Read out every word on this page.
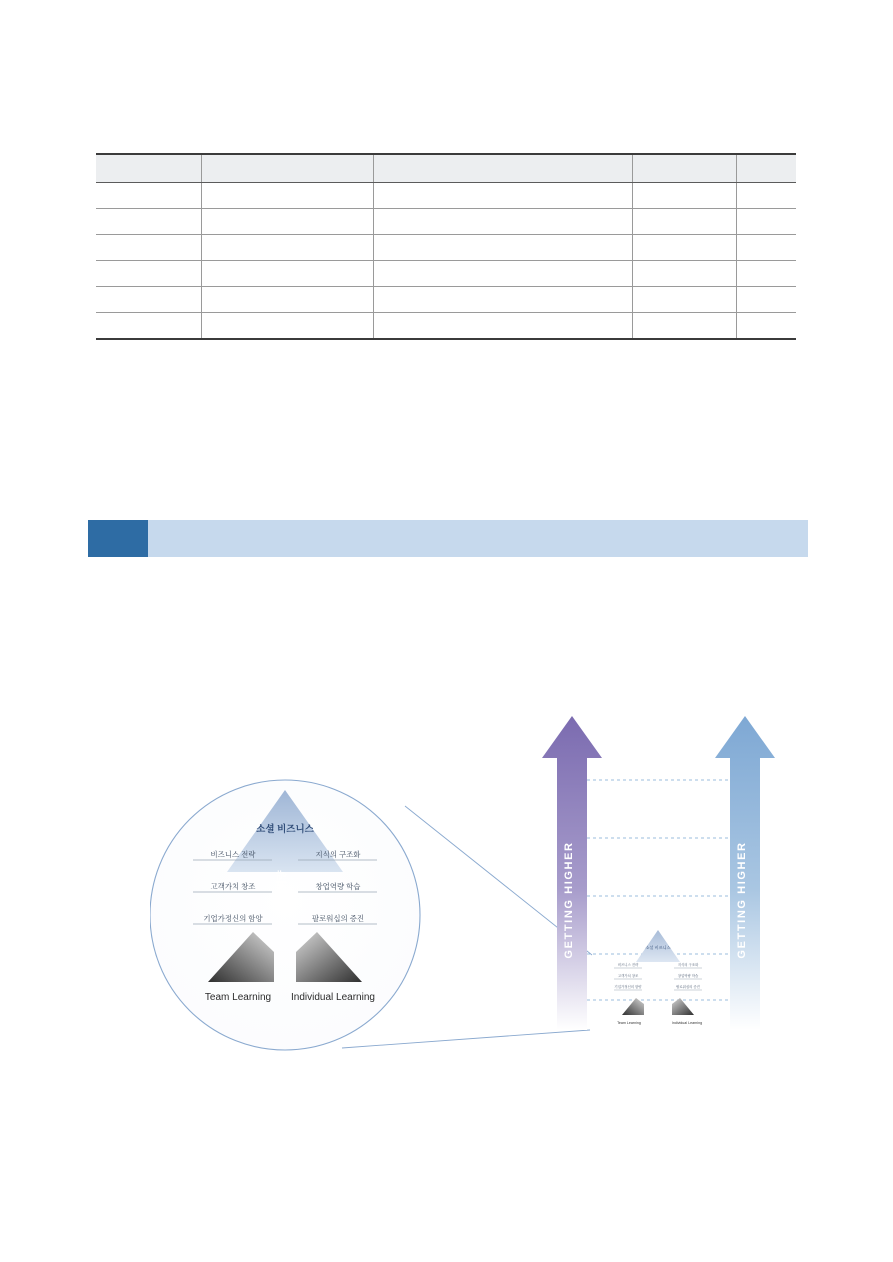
GETTING HIGHER	GETTING HIGHER
소셜 비즈니스
비즈니스 전략	지식의 구조화
고객가치 창조	창업역량 학습
기업가정신의 함양	팔로워십의 증진
Team Learning	Individual Learning
소셜 비즈니스
역량
비즈니스 전략	지식의 구조화
고객가치 창조	창업역량 학습
기업가정신의 함양	팔로워십의 증진
Team Learning Individual Learning
